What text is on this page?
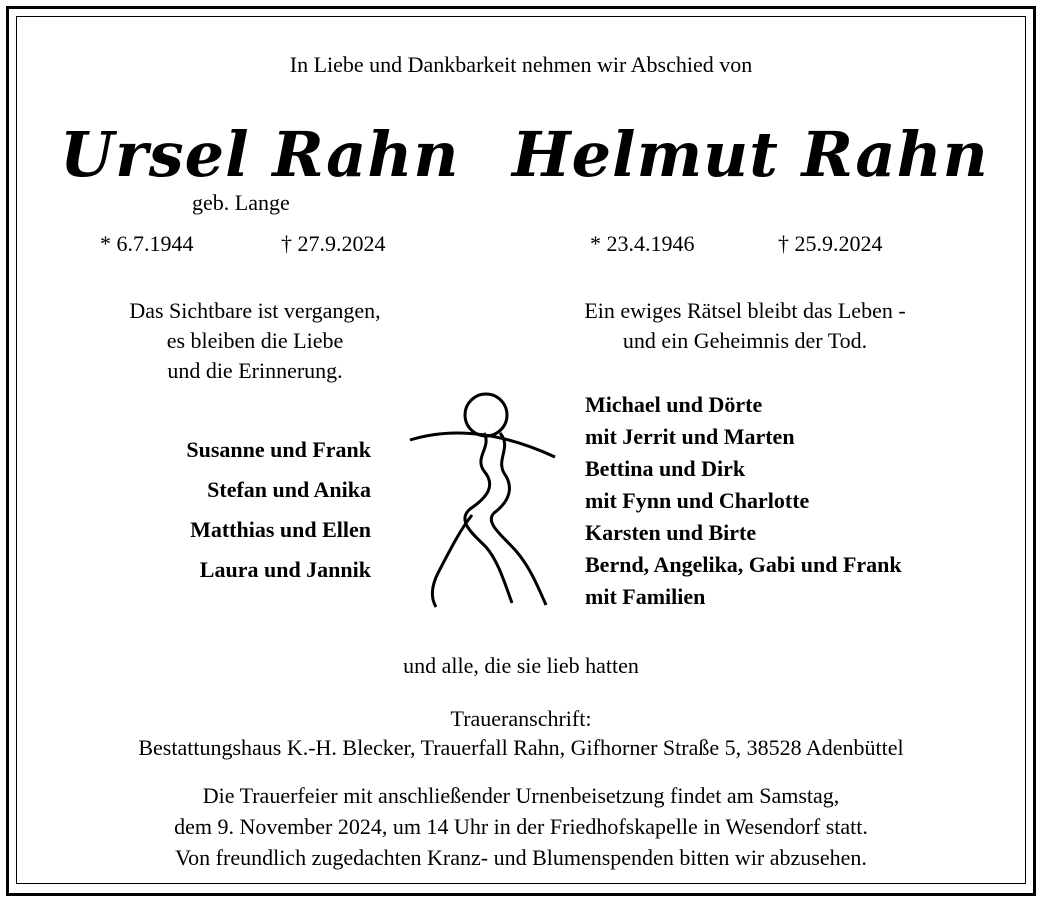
In Liebe und Dankbarkeit nehmen wir Abschied von
Ursel Rahn Helmut Rahn
geb. Lange
* 6.7.1944	† 27.9.2024	* 23.4.1946	† 25.9.2024
Das Sichtbare ist vergangen,
es bleiben die Liebe
und die Erinnerung.
Ein ewiges Rätsel bleibt das Leben -
und ein Geheimnis der Tod.
Susanne und Frank
Stefan und Anika
Matthias und Ellen
Laura und Jannik
Michael und Dörte
mit Jerrit und Marten
Bettina und Dirk
mit Fynn und Charlotte
Karsten und Birte
Bernd, Angelika, Gabi und Frank
mit Familien
und alle, die sie lieb hatten
Traueranschrift:
Bestattungshaus K.-H. Blecker, Trauerfall Rahn, Gifhorner Straße 5, 38528 Adenbüttel
Die Trauerfeier mit anschließender Urnenbeisetzung findet am Samstag,
dem 9. November 2024, um 14 Uhr in der Friedhofskapelle in Wesendorf statt.
Von freundlich zugedachten Kranz- und Blumenspenden bitten wir abzusehen.
